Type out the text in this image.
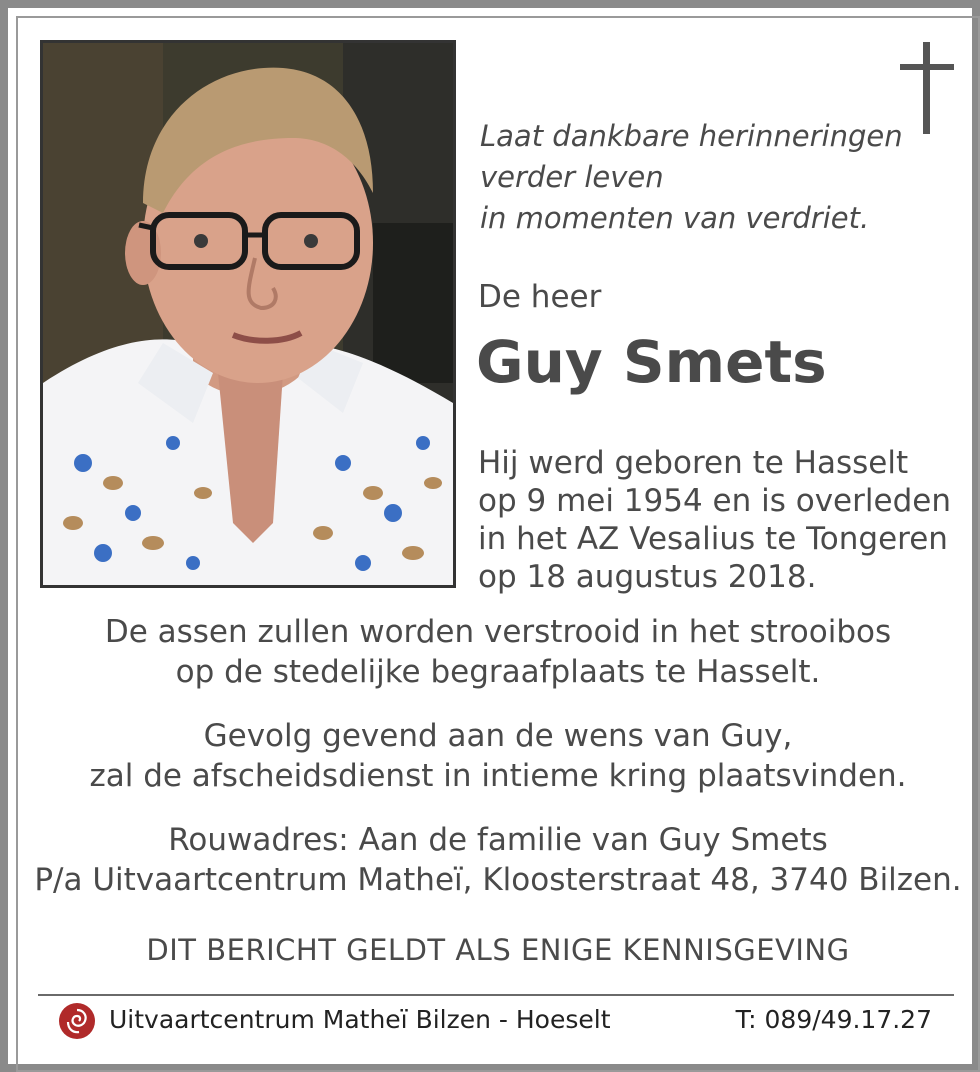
Laat dankbare herinneringen
verder leven
in momenten van verdriet.
De heer
Guy Smets
Hij werd geboren te Hasselt
op 9 mei 1954 en is overleden
in het AZ Vesalius te Tongeren
op 18 augustus 2018.
De assen zullen worden verstrooid in het strooibos
op de stedelijke begraafplaats te Hasselt.
Gevolg gevend aan de wens van Guy,
zal de afscheidsdienst in intieme kring plaatsvinden.
Rouwadres: Aan de familie van Guy Smets
P/a Uitvaartcentrum Matheï, Kloosterstraat 48, 3740 Bilzen.
DIT BERICHT GELDT ALS ENIGE KENNISGEVING
Uitvaartcentrum Matheï Bilzen - Hoeselt	T: 089/49.17.27
